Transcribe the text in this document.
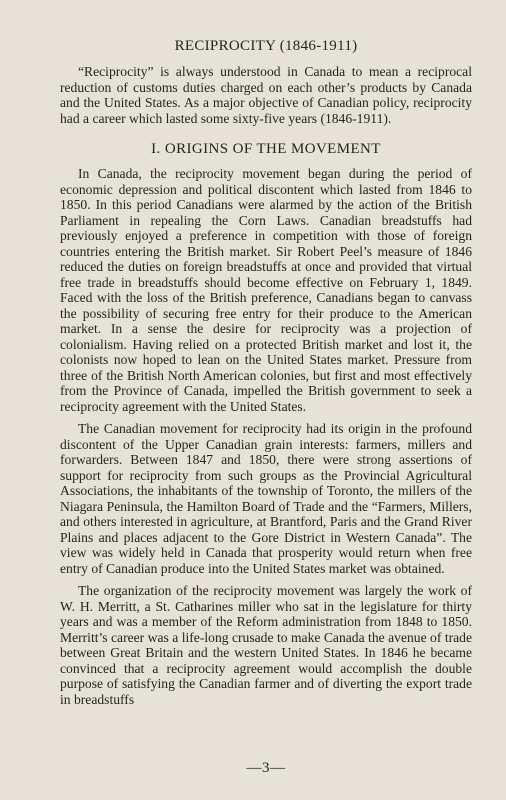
RECIPROCITY (1846-1911)

“Reciprocity” is always understood in Canada to mean a reciprocal reduction of customs duties charged on each other’s products by Canada and the United States. As a major objective of Canadian policy, reciprocity had a career which lasted some sixty-five years (1846-1911).

I. ORIGINS OF THE MOVEMENT

In Canada, the reciprocity movement began during the period of economic depression and political discontent which lasted from 1846 to 1850. In this period Canadians were alarmed by the action of the British Parliament in repealing the Corn Laws. Canadian breadstuffs had previously enjoyed a preference in competition with those of foreign countries entering the British market. Sir Robert Peel’s measure of 1846 reduced the duties on foreign breadstuffs at once and provided that virtual free trade in breadstuffs should become effective on February 1, 1849. Faced with the loss of the British preference, Canadians began to canvass the possibility of securing free entry for their produce to the American market. In a sense the desire for reciprocity was a projection of colonialism. Having relied on a protected British market and lost it, the colonists now hoped to lean on the United States market. Pressure from three of the British North American colonies, but first and most effectively from the Province of Canada, impelled the British government to seek a reciprocity agreement with the United States.

The Canadian movement for reciprocity had its origin in the profound discontent of the Upper Canadian grain interests: farmers, millers and forwarders. Between 1847 and 1850, there were strong assertions of support for reciprocity from such groups as the Provincial Agricultural Associations, the inhabitants of the township of Toronto, the millers of the Niagara Peninsula, the Hamilton Board of Trade and the “Farmers, Millers, and others interested in agriculture, at Brantford, Paris and the Grand River Plains and places adjacent to the Gore District in Western Canada”. The view was widely held in Canada that prosperity would return when free entry of Canadian produce into the United States market was obtained.

The organization of the reciprocity movement was largely the work of W. H. Merritt, a St. Catharines miller who sat in the legislature for thirty years and was a member of the Reform administration from 1848 to 1850. Merritt’s career was a life-long crusade to make Canada the avenue of trade between Great Britain and the western United States. In 1846 he became convinced that a reciprocity agreement would accomplish the double purpose of satisfying the Canadian farmer and of diverting the export trade in breadstuffs

—3—
